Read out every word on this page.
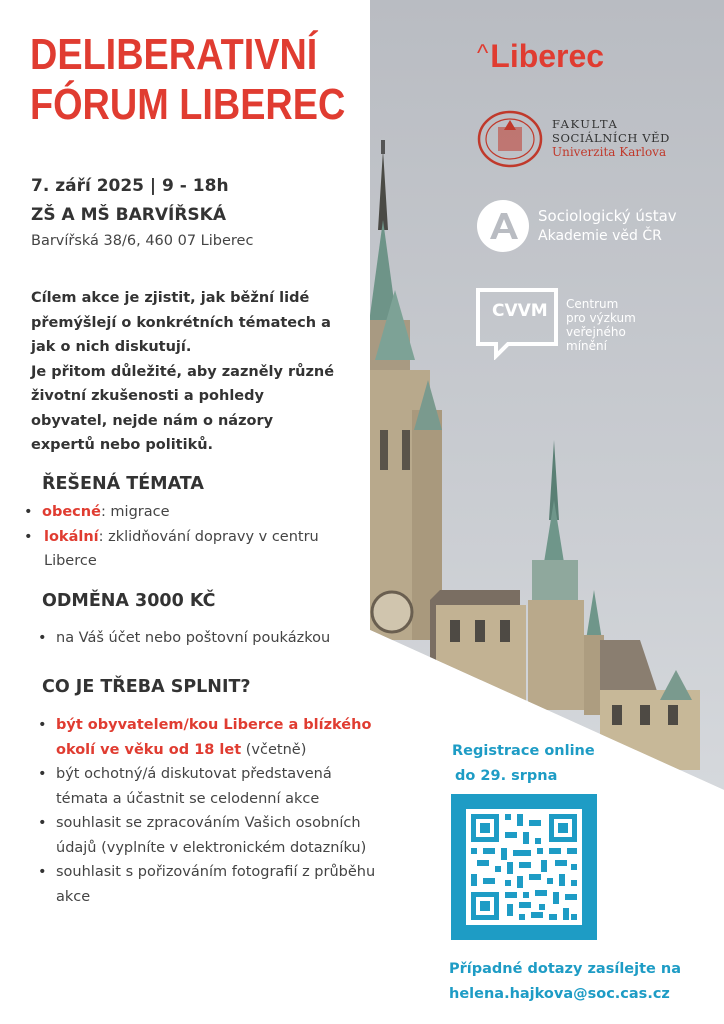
DELIBERATIVNÍ
FÓRUM LIBEREC
7. září 2025 | 9 - 18h
ZŠ A MŠ BARVÍŘSKÁ
Barvířská 38/6, 460 07 Liberec

Cílem akce je zjistit, jak běžní lidé přemýšlejí o konkrétních tématech a jak o nich diskutují.

Je přitom důležité, aby zazněly různé životní zkušenosti a pohledy obyvatel, nejde nám o názory expertů nebo politiků.

ŘEŠENÁ TÉMATA
• obecné: migrace
• lokální: zklidňování dopravy v centru Liberce
ODMĚNA 3000 KČ
• na Váš účet nebo poštovní poukázkou
CO JE TŘEBA SPLNIT?
• být obyvatelem/kou Liberce a blízkého okolí ve věku od 18 let (včetně)
• být ochotný/á diskutovat představená témata a účastnit se celodenní akce
• souhlasit se zpracováním Vašich osobních údajů (vyplníte v elektronickém dotazníku)
• souhlasit s pořizováním fotografií z průběhu akce
Registrace online
do 29. srpna
Případné dotazy zasílejte na
helena.hajkova@soc.cas.cz
^Liberec
FAKULTA
SOCIÁLNÍCH VĚD
Univerzita Karlova
Sociologický ústav
Akademie věd ČR
CVVM Centrum
pro výzkum
veřejného
mínění
